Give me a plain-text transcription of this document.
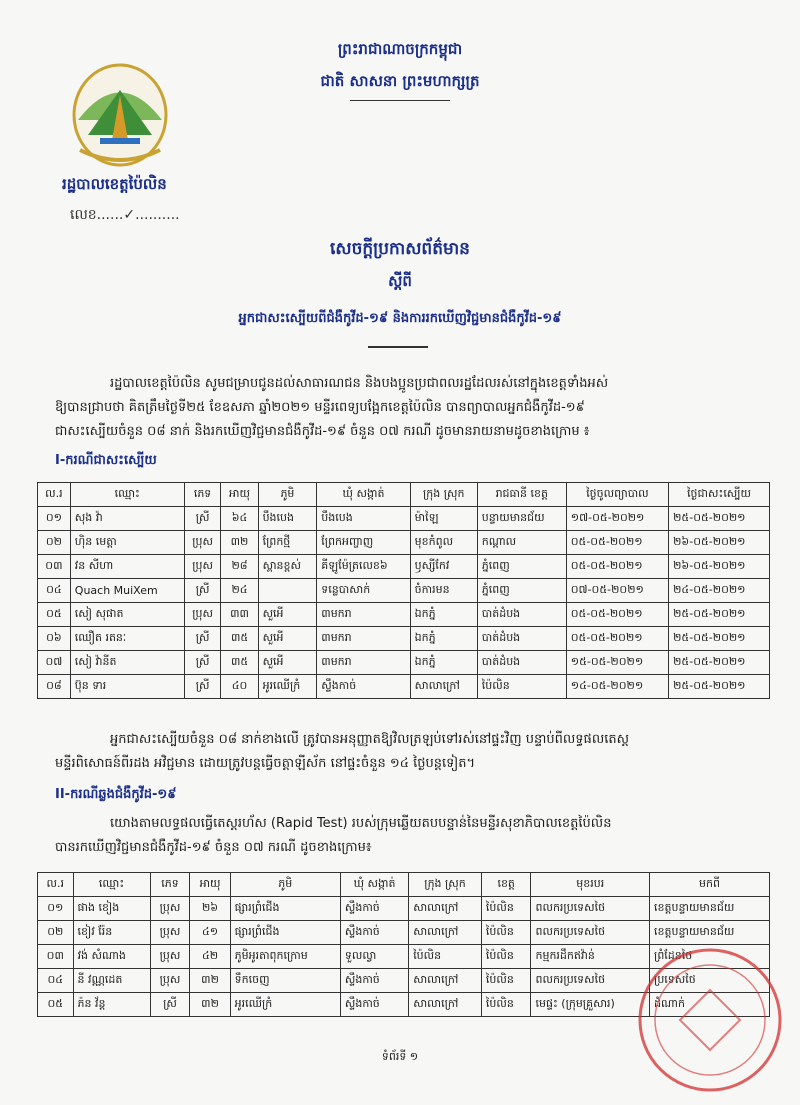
ព្រះរាជាណាចក្រកម្ពុជា
ជាតិ សាសនា ព្រះមហាក្សត្រ
រដ្ឋបាលខេត្តប៉ៃលិន
លេខ......✓..........
សេចក្តីប្រកាសព័ត៌មាន
ស្តីពី
អ្នកជាសះស្បើយពីជំងឺកូវីដ-១៩ និងការរកឃើញវិជ្ជមានជំងឺកូវីដ-១៩
រដ្ឋបាលខេត្តប៉ៃលិន សូមជម្រាបជូនដល់សាធារណជន និងបងប្អូនប្រជាពលរដ្ឋដែលរស់នៅក្នុងខេត្តទាំងអស់
ឱ្យបានជ្រាបថា គិតត្រឹមថ្ងៃទី២៥ ខែឧសភា ឆ្នាំ២០២១ មន្ទីរពេទ្យបង្អែកខេត្តប៉ៃលិន បានព្យាបាលអ្នកជំងឺកូវីដ-១៩
ជាសះស្បើយចំនួន ០៨ នាក់ និងរកឃើញវិជ្ជមានជំងឺកូវីដ-១៩ ចំនួន ០៧ ករណី ដូចមានរាយនាមដូចខាងក្រោម ៖
I-ករណីជាសះស្បើយ
ល.រ	ឈ្មោះ	ភេទ	អាយុ	ភូមិ	ឃុំ សង្កាត់	ក្រុង ស្រុក	រាជធានី ខេត្ត	ថ្ងៃចូលព្យាបាល	ថ្ងៃជាសះស្បើយ
០១	សុង វ៉ា	ស្រី	៦៤	បឹងបេង	បឹងបេង	ម៉ាឡៃ	បន្ទាយមានជ័យ	១៧-០៥-២០២១	២៥-០៥-២០២១
០២	ហ៊ិន មេត្តា	ប្រុស	៣២	ព្រែកថ្មី	ព្រែកអញ្ចាញ	មុខកំពូល	កណ្តាល	០៥-០៥-២០២១	២៦-០៥-២០២១
០៣	វន សីហា	ប្រុស	២៨	ស្ពានខ្ពស់	គីឡូម៉ែត្រលេខ៦	ឫស្សីកែវ	ភ្នំពេញ	០៥-០៥-២០២១	២៦-០៥-២០២១
០៤	Quach MuiXem	ស្រី	២៤		ទន្លេបាសាក់	ចំការមន	ភ្នំពេញ	០៧-០៥-២០២១	២៤-០៥-២០២១
០៥	សៀ សុផាត	ប្រុស	៣៣	សួអើ	៣មករា	ឯកភ្នំ	បាត់ដំបង	០៥-០៥-២០២១	២៥-០៥-២០២១
០៦	ឈឿត រតនៈ	ស្រី	៣៥	សួអើ	៣មករា	ឯកភ្នំ	បាត់ដំបង	០៥-០៥-២០២១	២៥-០៥-២០២១
០៧	សៀ វ៉ានីត	ស្រី	៣៥	សួអើ	៣មករា	ឯកភ្នំ	បាត់ដំបង	១៥-០៥-២០២១	២៥-០៥-២០២១
០៨	ប៊ុន ទារ	ស្រី	៤០	អូរឈើក្រំ	ស្ទឹងកាច់	សាលាក្រៅ	ប៉ៃលិន	១៤-០៥-២០២១	២៥-០៥-២០២១
អ្នកជាសះស្បើយចំនួន ០៨ នាក់ខាងលើ ត្រូវបានអនុញ្ញាតឱ្យវិលត្រឡប់ទៅរស់នៅផ្ទះវិញ បន្ទាប់ពីលទ្ធផលតេស្ត
មន្ទីរពិសោធន៍ពីរដង អវិជ្ជមាន ដោយត្រូវបន្តធ្វើចត្តាឡីស័ក នៅផ្ទះចំនួន ១៤ ថ្ងៃបន្តទៀត។
II-ករណីឆ្លងជំងឺកូវីដ-១៩
យោងតាមលទ្ធផលធ្វើតេស្តរហ័ស (Rapid Test) របស់ក្រុមឆ្លើយតបបន្ទាន់នៃមន្ទីរសុខាភិបាលខេត្តប៉ៃលិន
បានរកឃើញវិជ្ជមានជំងឺកូវីដ-១៩ ចំនួន ០៧ ករណី ដូចខាងក្រោម៖
ល.រ	ឈ្មោះ	ភេទ	អាយុ	ភូមិ	ឃុំ សង្កាត់	ក្រុង ស្រុក	ខេត្ត	មុខរបរ	មកពី
០១	ផាង ខៀង	ប្រុស	២៦	ផ្សារព្រំជើង	ស្ទឹងកាច់	សាលាក្រៅ	ប៉ៃលិន	ពលករប្រទេសថៃ	ខេត្តបន្ទាយមានជ័យ
០២	ខៀវ រ៉ែន	ប្រុស	៤១	ផ្សារព្រំជើង	ស្ទឹងកាច់	សាលាក្រៅ	ប៉ៃលិន	ពលករប្រទេសថៃ	ខេត្តបន្ទាយមានជ័យ
០៣	វង់ សំណាង	ប្រុស	៤២	ភូមិអូរតាពុកក្រោម	ទួលល្វា	ប៉ៃលិន	ប៉ៃលិន	កម្មករដឹកឥវ៉ាន់	ព្រំដែនថៃ
០៤	នី វណ្ណដេត	ប្រុស	៣២	ទឹកចេញ	ស្ទឹងកាច់	សាលាក្រៅ	ប៉ៃលិន	ពលករប្រទេសថៃ	ប្រទេសថៃ
០៥	ភ៉ន វ័ន្ត	ស្រី	៣២	អូរឈើក្រំ	ស្ទឹងកាច់	សាលាក្រៅ	ប៉ៃលិន	មេផ្ទះ (ក្រុមគ្រួសារ)	ដំណាក់
ទំព័រទី ១
